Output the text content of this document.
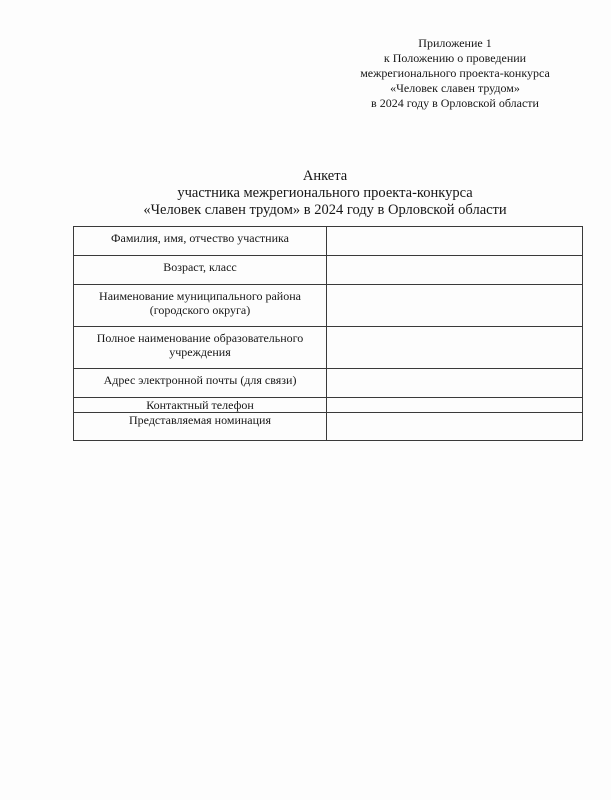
Приложение 1
к Положению о проведении
межрегионального проекта-конкурса
«Человек славен трудом»
в 2024 году в Орловской области
Анкета
участника межрегионального проекта-конкурса
«Человек славен трудом» в 2024 году в Орловской области
Фамилия, имя, отчество участника	

Возраст, класс	

Наименование муниципального района (городского округа)	

Полное наименование образовательного учреждения	

Адрес электронной почты (для связи)	

Контактный телефон	

Представляемая номинация	
